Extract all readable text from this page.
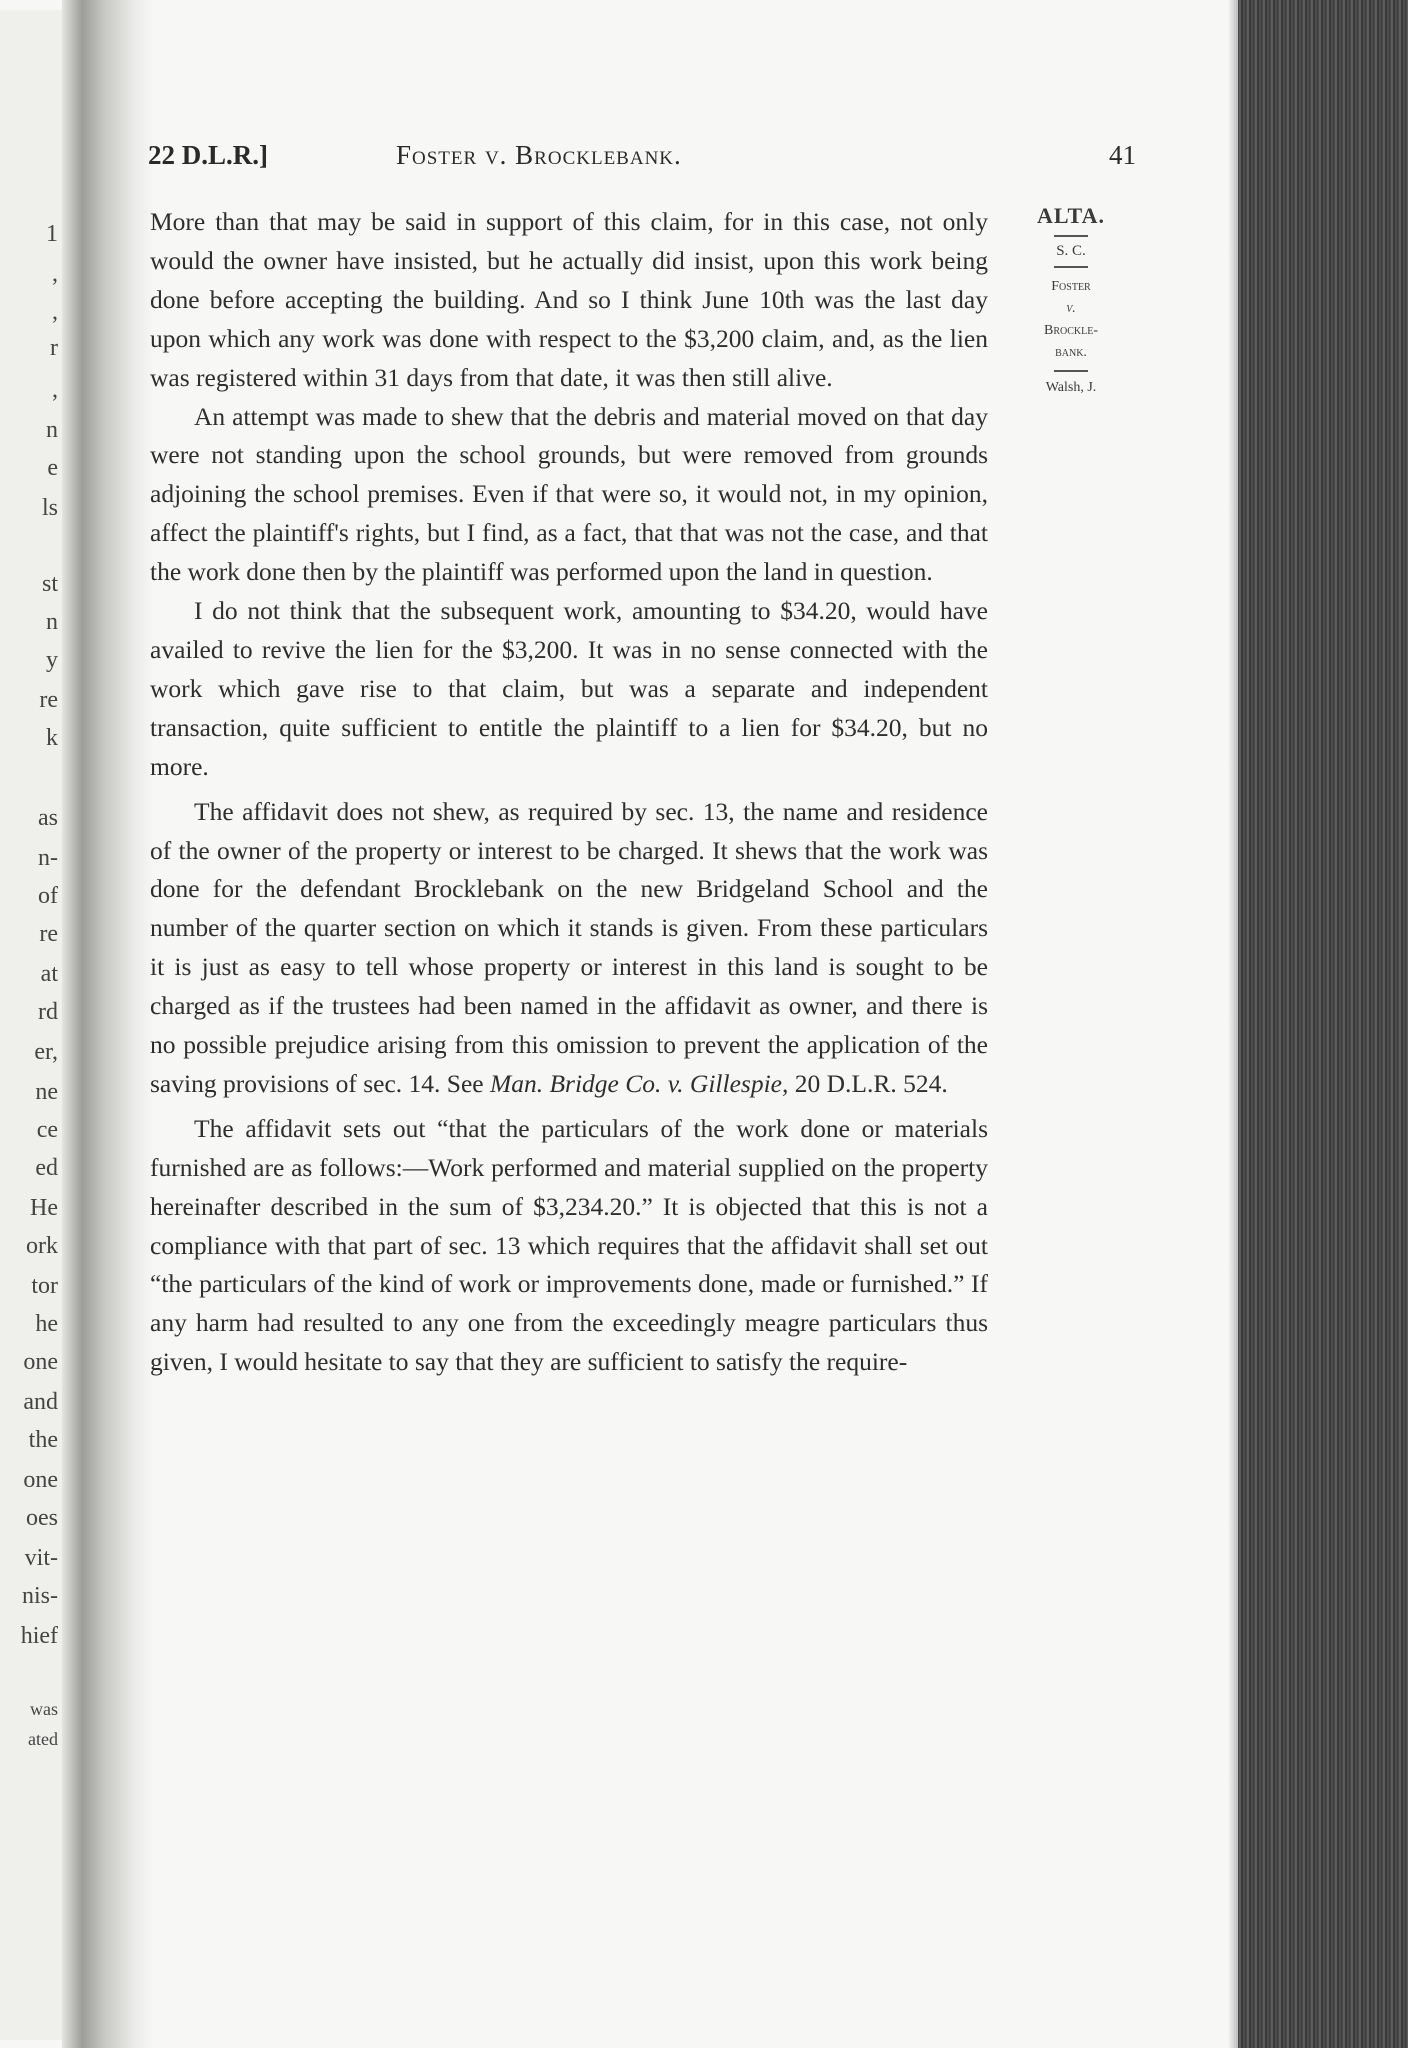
1
,
,
r
,
n
e
ls
st
n
y
re
k
as
n-
of
re
at
rd
er,
ne
ce
ed
He
ork
tor
he
one
and
the
one
oes
vit-
nis-
hief
was
ated
22 D.L.R.]	Foster v. Brocklebank.	41
ALTA.
S. C.
Foster
v.
Brockle-
bank.
Walsh, J.

More than that may be said in support of this claim, for in this case, not only would the owner have insisted, but he actually did insist, upon this work being done before accepting the building. And so I think June 10th was the last day upon which any work was done with respect to the $3,200 claim, and, as the lien was registered within 31 days from that date, it was then still alive.

An attempt was made to shew that the debris and material moved on that day were not standing upon the school grounds, but were removed from grounds adjoining the school premises. Even if that were so, it would not, in my opinion, affect the plaintiff's rights, but I find, as a fact, that that was not the case, and that the work done then by the plaintiff was performed upon the land in question.

I do not think that the subsequent work, amounting to $34.20, would have availed to revive the lien for the $3,200. It was in no sense connected with the work which gave rise to that claim, but was a separate and independent transaction, quite sufficient to entitle the plaintiff to a lien for $34.20, but no more.

The affidavit does not shew, as required by sec. 13, the name and residence of the owner of the property or interest to be charged. It shews that the work was done for the defendant Brocklebank on the new Bridgeland School and the number of the quarter section on which it stands is given. From these particulars it is just as easy to tell whose property or interest in this land is sought to be charged as if the trustees had been named in the affidavit as owner, and there is no possible prejudice arising from this omission to prevent the application of the saving provisions of sec. 14. See Man. Bridge Co. v. Gillespie, 20 D.L.R. 524.

The affidavit sets out “that the particulars of the work done or materials furnished are as follows:—Work performed and material supplied on the property hereinafter described in the sum of $3,234.20.” It is objected that this is not a compliance with that part of sec. 13 which requires that the affidavit shall set out “the particulars of the kind of work or improvements done, made or furnished.” If any harm had resulted to any one from the exceedingly meagre particulars thus given, I would hesitate to say that they are sufficient to satisfy the require-
